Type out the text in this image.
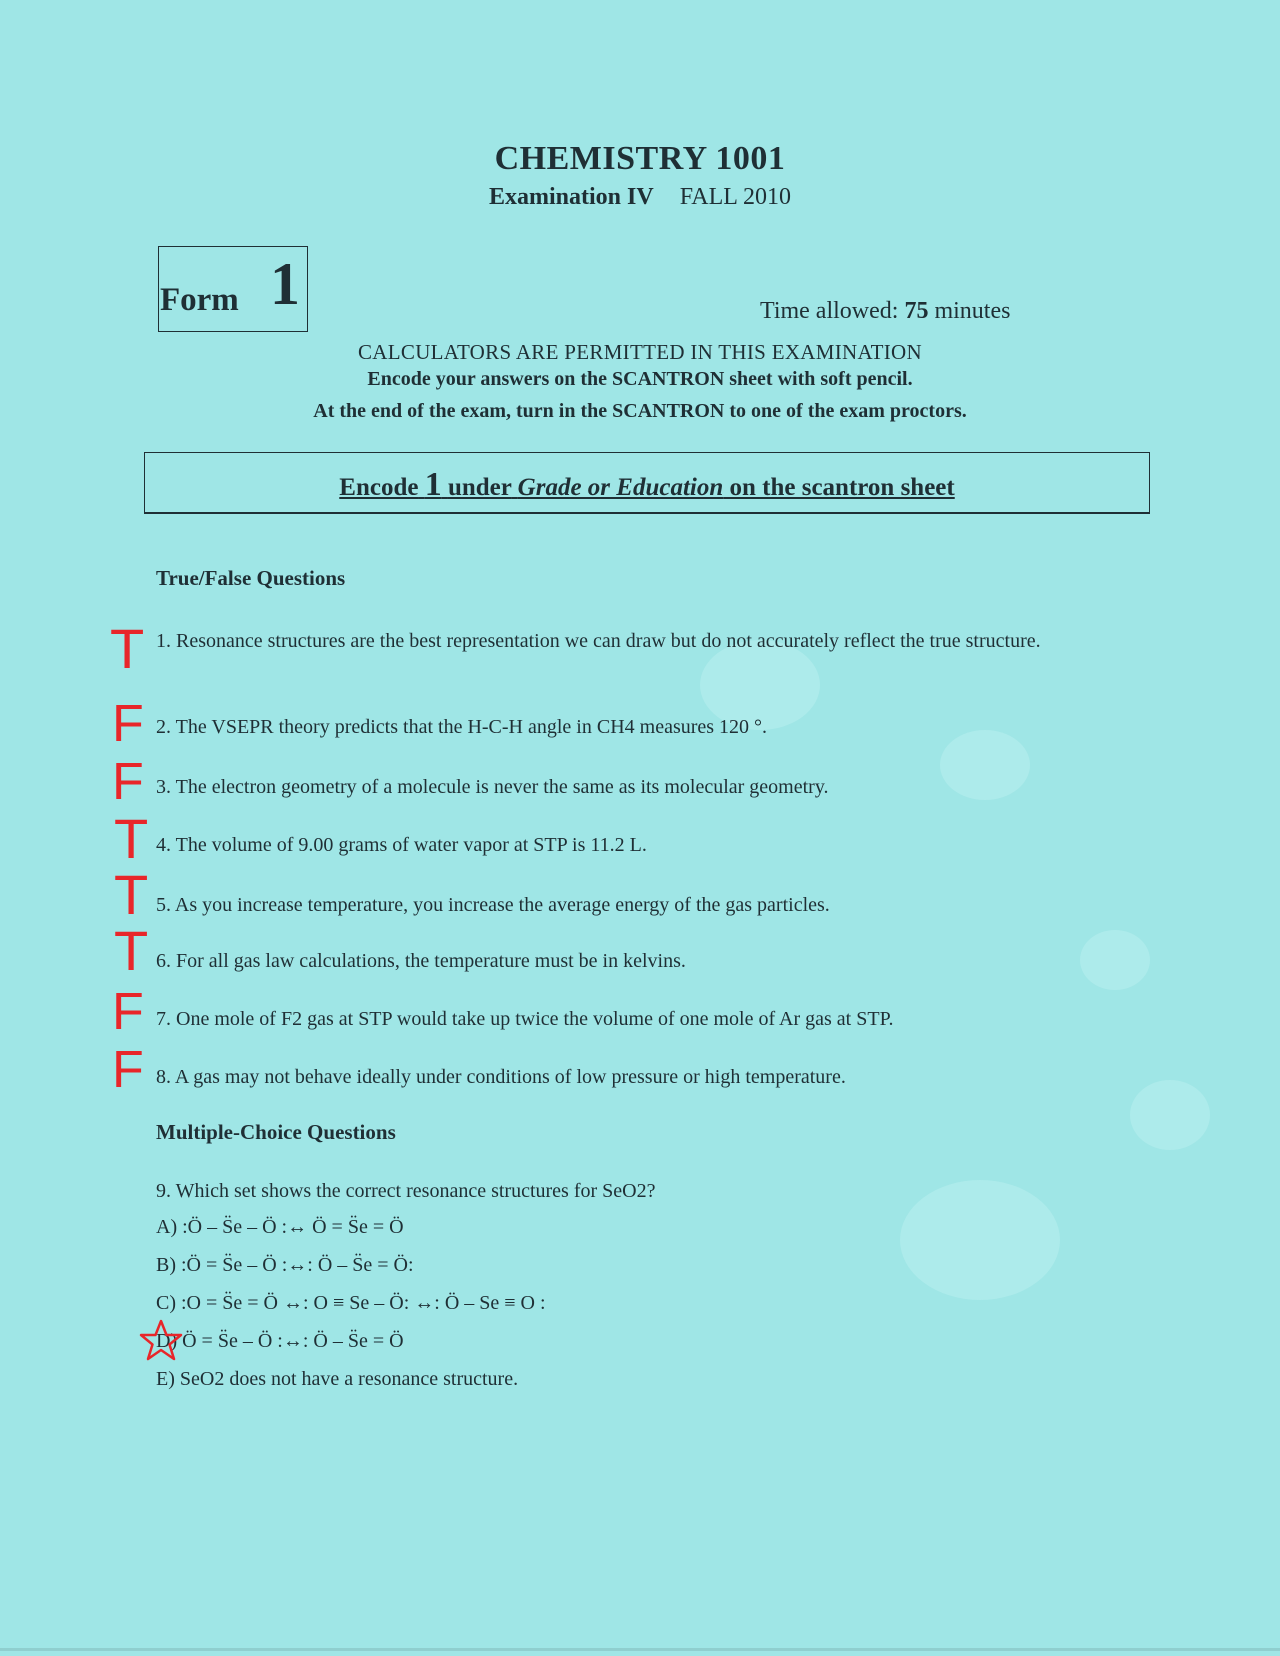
CHEMISTRY 1001
Examination IV FALL 2010
Form 1	Time allowed: 75 minutes
CALCULATORS ARE PERMITTED IN THIS EXAMINATION
Encode your answers on the SCANTRON sheet with soft pencil.
At the end of the exam, turn in the SCANTRON to one of the exam proctors.
Encode 1 under Grade or Education on the scantron sheet
True/False Questions
1. Resonance structures are the best representation we can draw but do not accurately reflect the true structure.
2. The VSEPR theory predicts that the H-C-H angle in CH4 measures 120 °.
3. The electron geometry of a molecule is never the same as its molecular geometry.
4. The volume of 9.00 grams of water vapor at STP is 11.2 L.
5. As you increase temperature, you increase the average energy of the gas particles.
6. For all gas law calculations, the temperature must be in kelvins.
7. One mole of F2 gas at STP would take up twice the volume of one mole of Ar gas at STP.
8. A gas may not behave ideally under conditions of low pressure or high temperature.
T
F
F
T
T
T
F
F
Multiple-Choice Questions
9. Which set shows the correct resonance structures for SeO2?
A) :Ö – S̈e – Ö :↔ Ö = S̈e = Ö
B) :Ö = S̈e – Ö :↔: Ö – S̈e = Ö:
C) :O = S̈e = Ö ↔: O ≡ Se – Ö: ↔: Ö – Se ≡ O :
D) Ö = S̈e – Ö :↔: Ö – S̈e = Ö
E) SeO2 does not have a resonance structure.
